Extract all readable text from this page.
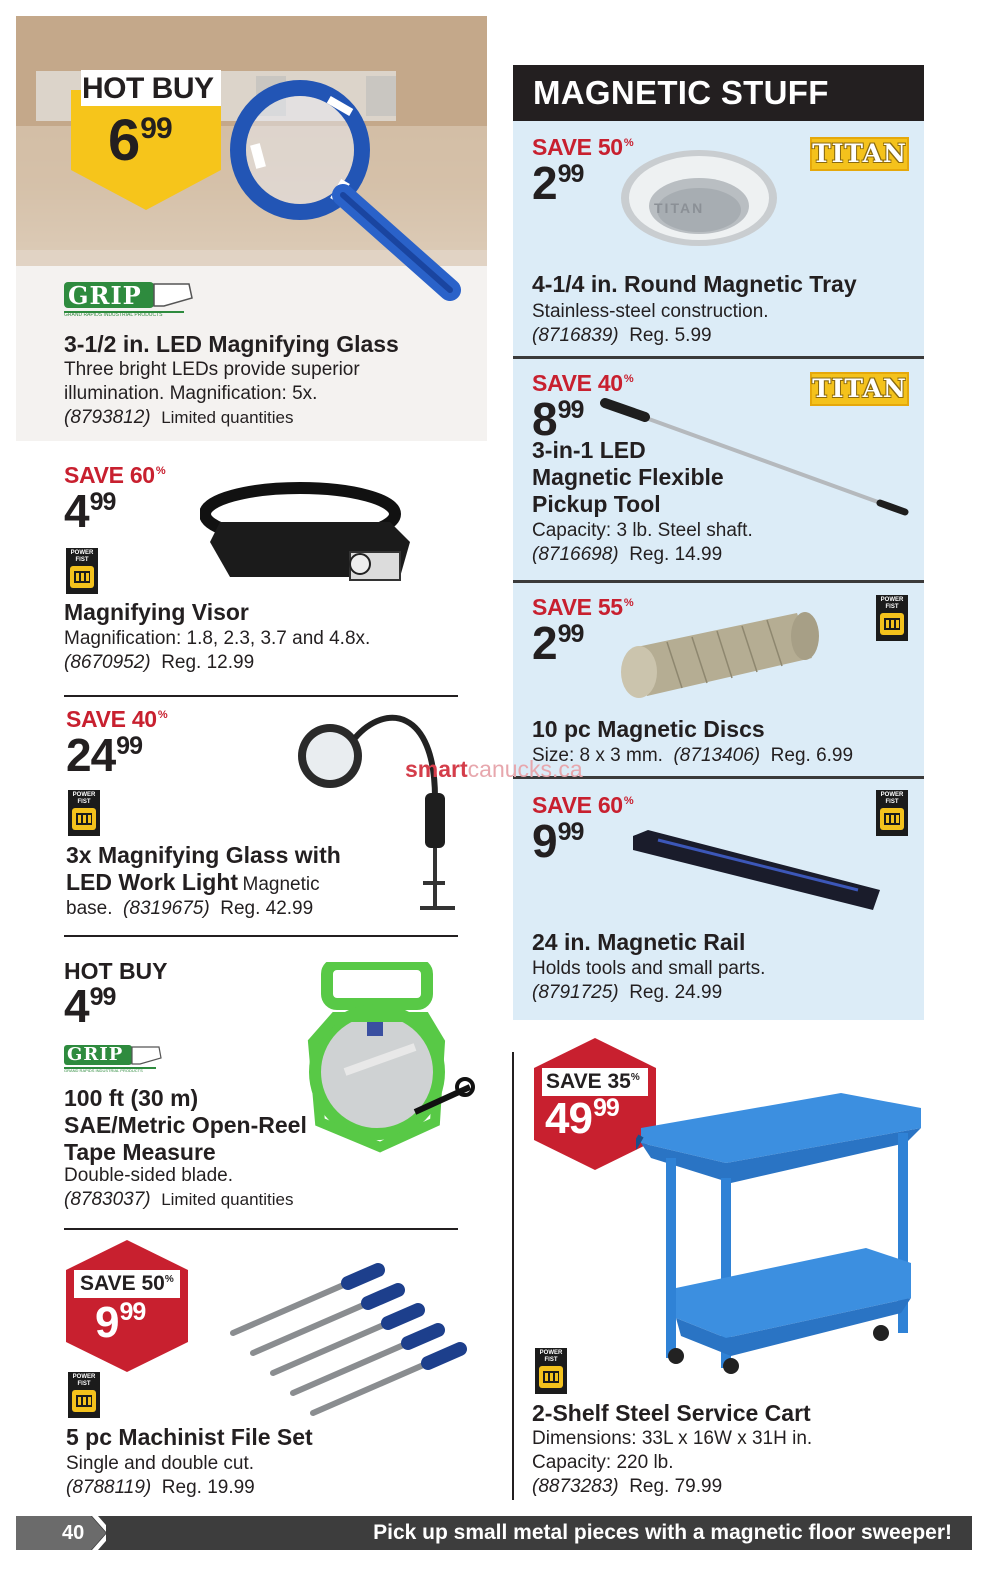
HOT BUY
$6^{99}$
GRIP
GRAND RAPIDS INDUSTRIAL PRODUCTS
3-1/2 in. LED Magnifying Glass
Three bright LEDs provide superior
illumination. Magnification: 5x.
(8793812) Limited quantities
SAVE 60%
$4^{99}$
POWER FIST
Magnifying Visor
Magnification: 1.8, 2.3, 3.7 and 4.8x.
(8670952) Reg. 12.99
SAVE 40%
$24^{99}$
POWER FIST
3x Magnifying Glass with
LED Work Light Magnetic
base. (8319675) Reg. 42.99
HOT BUY
$4^{99}$
GRIP
GRAND RAPIDS INDUSTRIAL PRODUCTS
100 ft (30 m)
SAE/Metric Open-Reel
Tape Measure
Double-sided blade.
(8783037) Limited quantities
SAVE 50%
$9^{99}$
POWER FIST
5 pc Machinist File Set
Single and double cut.
(8788119) Reg. 19.99
MAGNETIC STUFF
SAVE 50%
$2^{99}$
TITAN
TITAN
4-1/4 in. Round Magnetic Tray
Stainless-steel construction.
(8716839) Reg. 5.99
SAVE 40%
$8^{99}$
TITAN
3-in-1 LED
Magnetic Flexible
Pickup Tool
Capacity: 3 lb. Steel shaft.
(8716698) Reg. 14.99
SAVE 55%
$2^{99}$
POWER FIST
10 pc Magnetic Discs
Size: 8 x 3 mm. (8713406) Reg. 6.99
SAVE 60%
$9^{99}$
POWER FIST
24 in. Magnetic Rail
Holds tools and small parts.
(8791725) Reg. 24.99
smartcanucks.ca
SAVE 35%
$49^{99}$
POWER FIST
2-Shelf Steel Service Cart
Dimensions: 33L x 16W x 31H in.
Capacity: 220 lb.
(8873283) Reg. 79.99
40	Pick up small metal pieces with a magnetic floor sweeper!
